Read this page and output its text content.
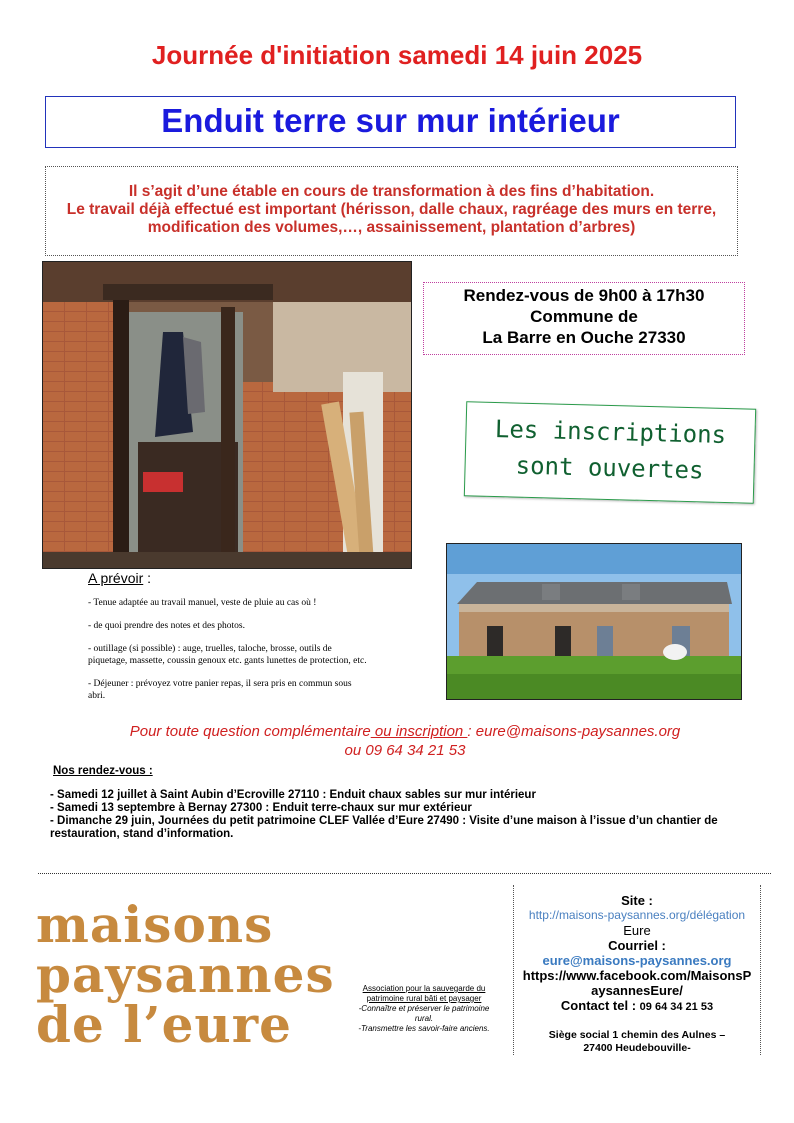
Journée d'initiation samedi 14 juin 2025
Enduit terre sur mur intérieur
Il s’agit d’une étable en cours de transformation à des fins d’habitation.
Le travail déjà effectué est important (hérisson, dalle chaux, ragréage des murs en terre,
modification des volumes,…, assainissement, plantation d’arbres)
Rendez-vous de 9h00 à 17h30
Commune de
La Barre en Ouche 27330
Les inscriptions
sont ouvertes
A prévoir :
- Tenue adaptée au travail manuel, veste de pluie au cas où !
- de quoi prendre des notes et des photos.
- outillage (si possible) : auge, truelles, taloche, brosse, outils de piquetage, massette, coussin genoux etc. gants lunettes de protection, etc.
- Déjeuner : prévoyez votre panier repas, il sera pris en commun sous abri.
Pour toute question complémentaire ou inscription : eure@maisons-paysannes.org
ou 09 64 34 21 53
Nos rendez-vous :
- Samedi 12 juillet à Saint Aubin d’Ecroville 27110 : Enduit chaux sables sur mur intérieur
- Samedi 13 septembre à Bernay 27300 : Enduit terre-chaux sur mur extérieur
- Dimanche 29 juin, Journées du petit patrimoine CLEF Vallée d’Eure 27490 : Visite d’une maison à l’issue d’un chantier de restauration, stand d’information.
maisons
paysannes
de l’eure
Association pour la sauvegarde du patrimoine rural bâti et paysager
-Connaître et préserver le patrimoine rural.
-Transmettre les savoir-faire anciens.
Site :
http://maisons-paysannes.org/délégation
Eure
Courriel :
eure@maisons-paysannes.org
https://www.facebook.com/MaisonsPaysannesEure/
Contact tel : 09 64 34 21 53
Siège social 1 chemin des Aulnes –
27400 Heudebouville-
